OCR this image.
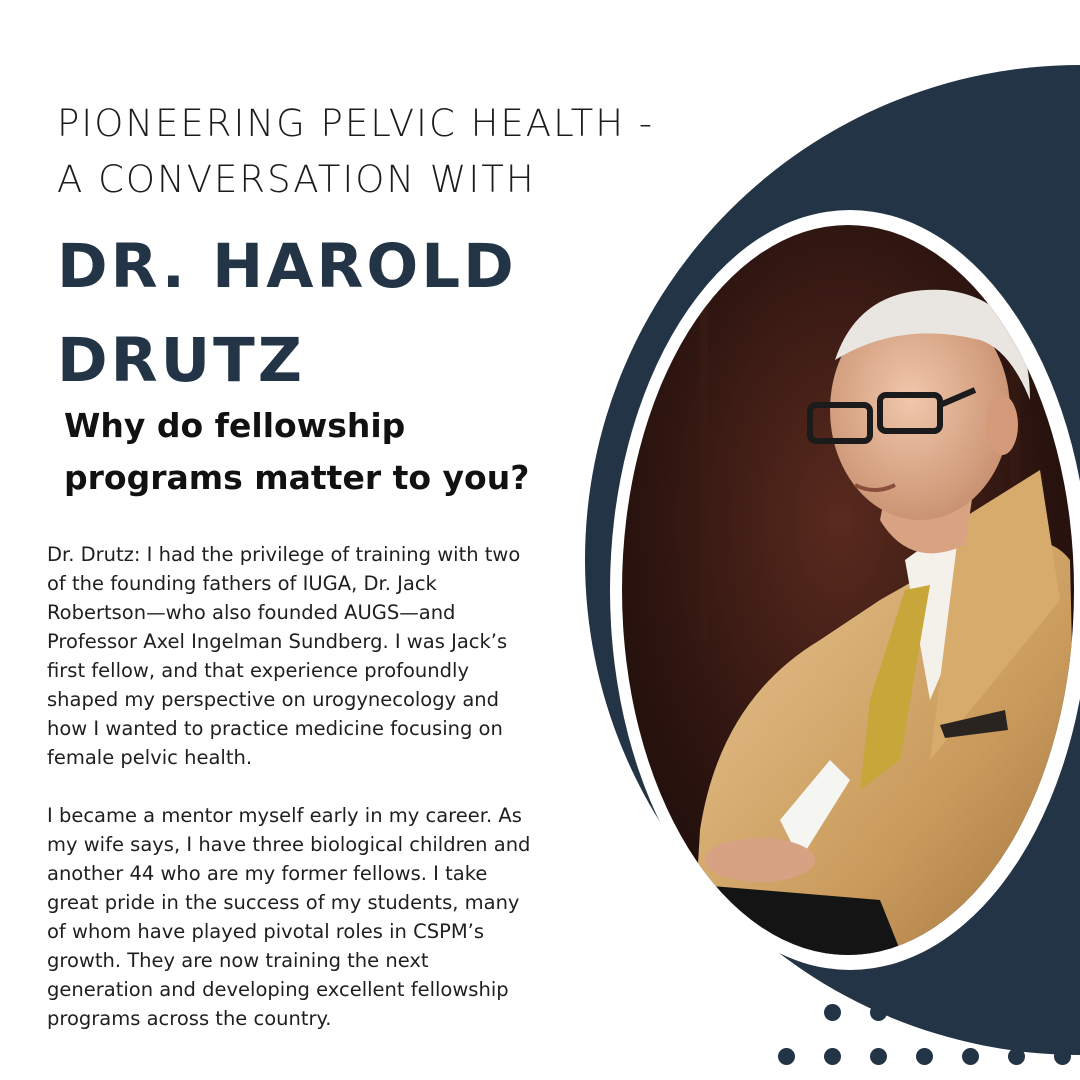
PIONEERING PELVIC HEALTH -
A CONVERSATION WITH
DR. HAROLD
DRUTZ
Why do fellowship
programs matter to you?

Dr. Drutz: I had the privilege of training with two
of the founding fathers of IUGA, Dr. Jack
Robertson—who also founded AUGS—and
Professor Axel Ingelman Sundberg. I was Jack’s
first fellow, and that experience profoundly
shaped my perspective on urogynecology and
how I wanted to practice medicine focusing on
female pelvic health.

I became a mentor myself early in my career. As
my wife says, I have three biological children and
another 44 who are my former fellows. I take
great pride in the success of my students, many
of whom have played pivotal roles in CSPM’s
growth. They are now training the next
generation and developing excellent fellowship
programs across the country.
